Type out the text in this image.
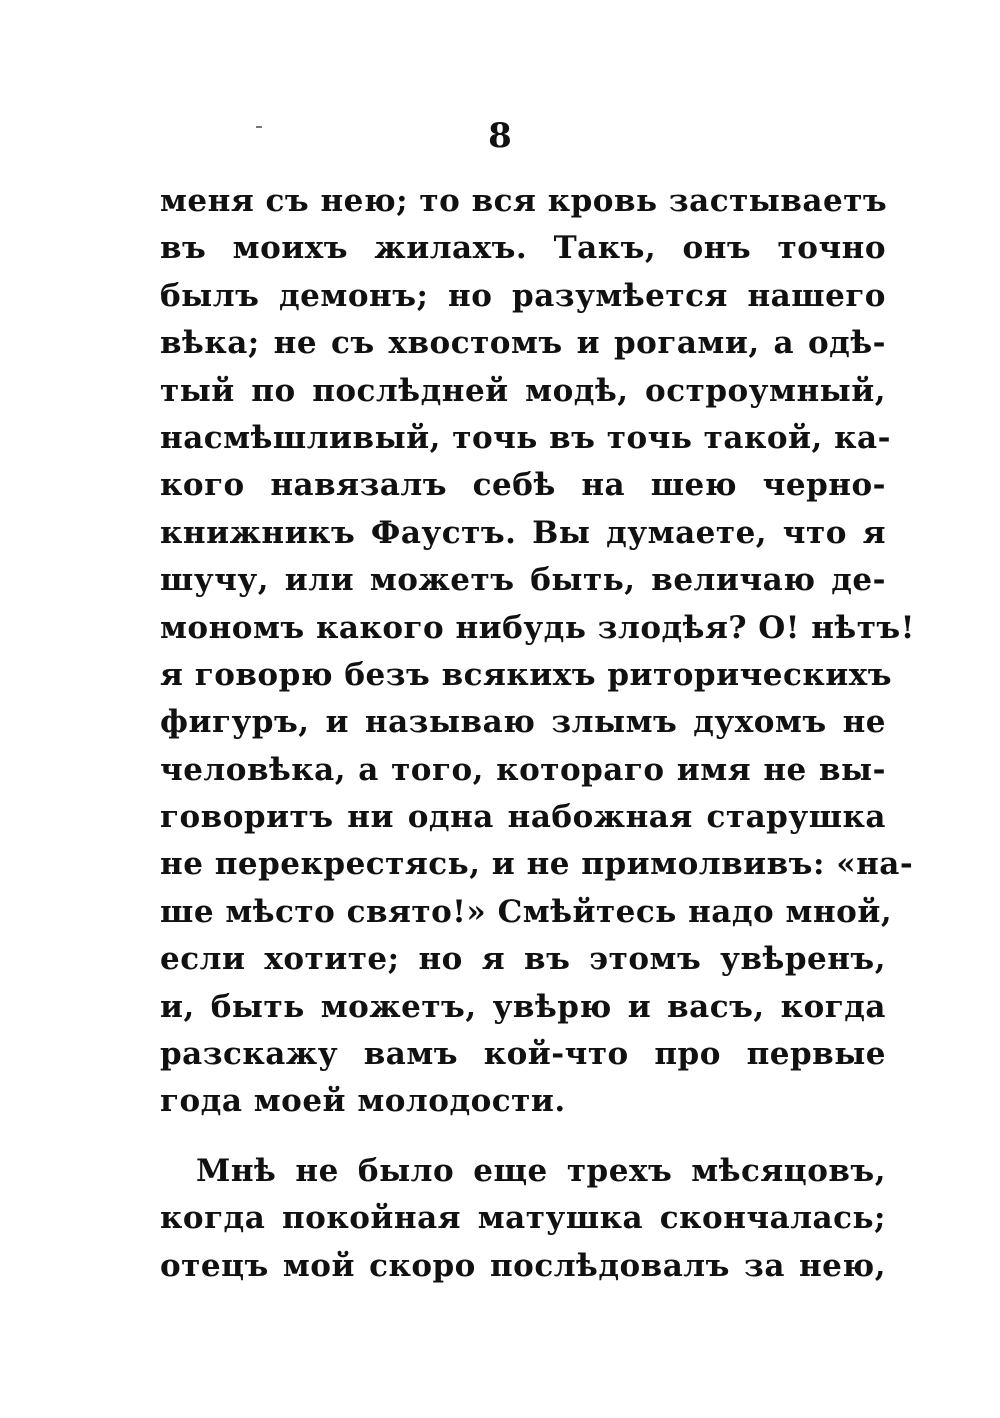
8
меня съ нею; то вся кровь застываетъ
въ моихъ жилахъ. Такъ, онъ точно
былъ демонъ; но разумѣется нашего
вѣка; не съ хвостомъ и рогами, а одѣ-
тый по послѣдней модѣ, остроумный,
насмѣшливый, точь въ точь такой, ка-
кого навязалъ себѣ на шею черно-
книжникъ Фаустъ. Вы думаете, что я
шучу, или можетъ быть, величаю де-
мономъ какого нибудь злодѣя? О! нѣтъ!
я говорю безъ всякихъ риторическихъ
фигуръ, и называю злымъ духомъ не
человѣка, а того, котораго имя не вы-
говоритъ ни одна набожная старушка
не перекрестясь, и не примолвивъ: «на-
ше мѣсто свято!» Смѣйтесь надо мной,
если хотите; но я въ этомъ увѣренъ,
и, быть можетъ, увѣрю и васъ, когда
разскажу вамъ кой-что про первые
года моей молодости.
Мнѣ не было еще трехъ мѣсяцовъ,
когда покойная матушка скончалась;
отецъ мой скоро послѣдовалъ за нею,
